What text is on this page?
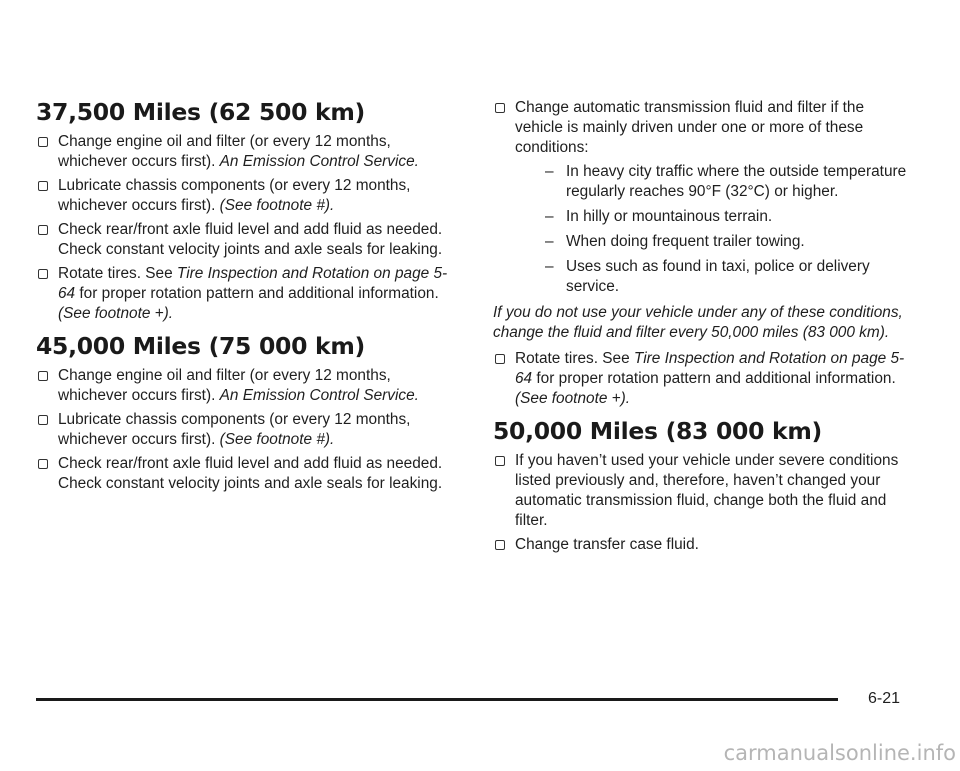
37,500 Miles (62 500 km)
Change engine oil and filter (or every 12 months, whichever occurs first). An Emission Control Service.
Lubricate chassis components (or every 12 months, whichever occurs first). (See footnote #).
Check rear/front axle fluid level and add fluid as needed. Check constant velocity joints and axle seals for leaking.
Rotate tires. See Tire Inspection and Rotation on page 5-64 for proper rotation pattern and additional information. (See footnote +).
45,000 Miles (75 000 km)
Change engine oil and filter (or every 12 months, whichever occurs first). An Emission Control Service.
Lubricate chassis components (or every 12 months, whichever occurs first). (See footnote #).
Check rear/front axle fluid level and add fluid as needed. Check constant velocity joints and axle seals for leaking.
Change automatic transmission fluid and filter if the vehicle is mainly driven under one or more of these conditions:
– In heavy city traffic where the outside temperature regularly reaches 90°F (32°C) or higher.
– In hilly or mountainous terrain.
– When doing frequent trailer towing.
– Uses such as found in taxi, police or delivery service.

If you do not use your vehicle under any of these conditions, change the fluid and filter every 50,000 miles (83 000 km).

Rotate tires. See Tire Inspection and Rotation on page 5-64 for proper rotation pattern and additional information. (See footnote +).
50,000 Miles (83 000 km)
If you haven’t used your vehicle under severe conditions listed previously and, therefore, haven’t changed your automatic transmission fluid, change both the fluid and filter.
Change transfer case fluid.
6-21
carmanualsonline.info
